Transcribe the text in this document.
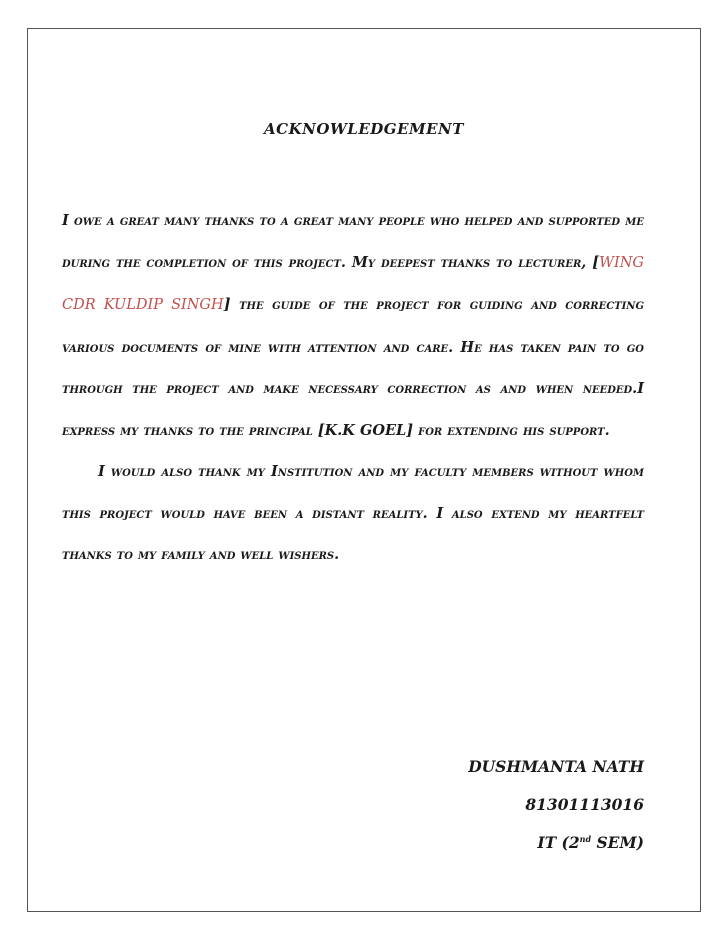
ACKNOWLEDGEMENT

I owe a great many thanks to a great many people who helped and supported me during the completion of this project. My deepest thanks to lecturer, [WING CDR KULDIP SINGH] the guide of the project for guiding and correcting various documents of mine with attention and care. He has taken pain to go through the project and make necessary correction as and when needed.I express my thanks to the principal [K.K GOEL] for extending his support.

I would also thank my Institution and my faculty members without whom this project would have been a distant reality. I also extend my heartfelt thanks to my family and well wishers.

DUSHMANTA NATH
81301113016
IT (2nd SEM)
